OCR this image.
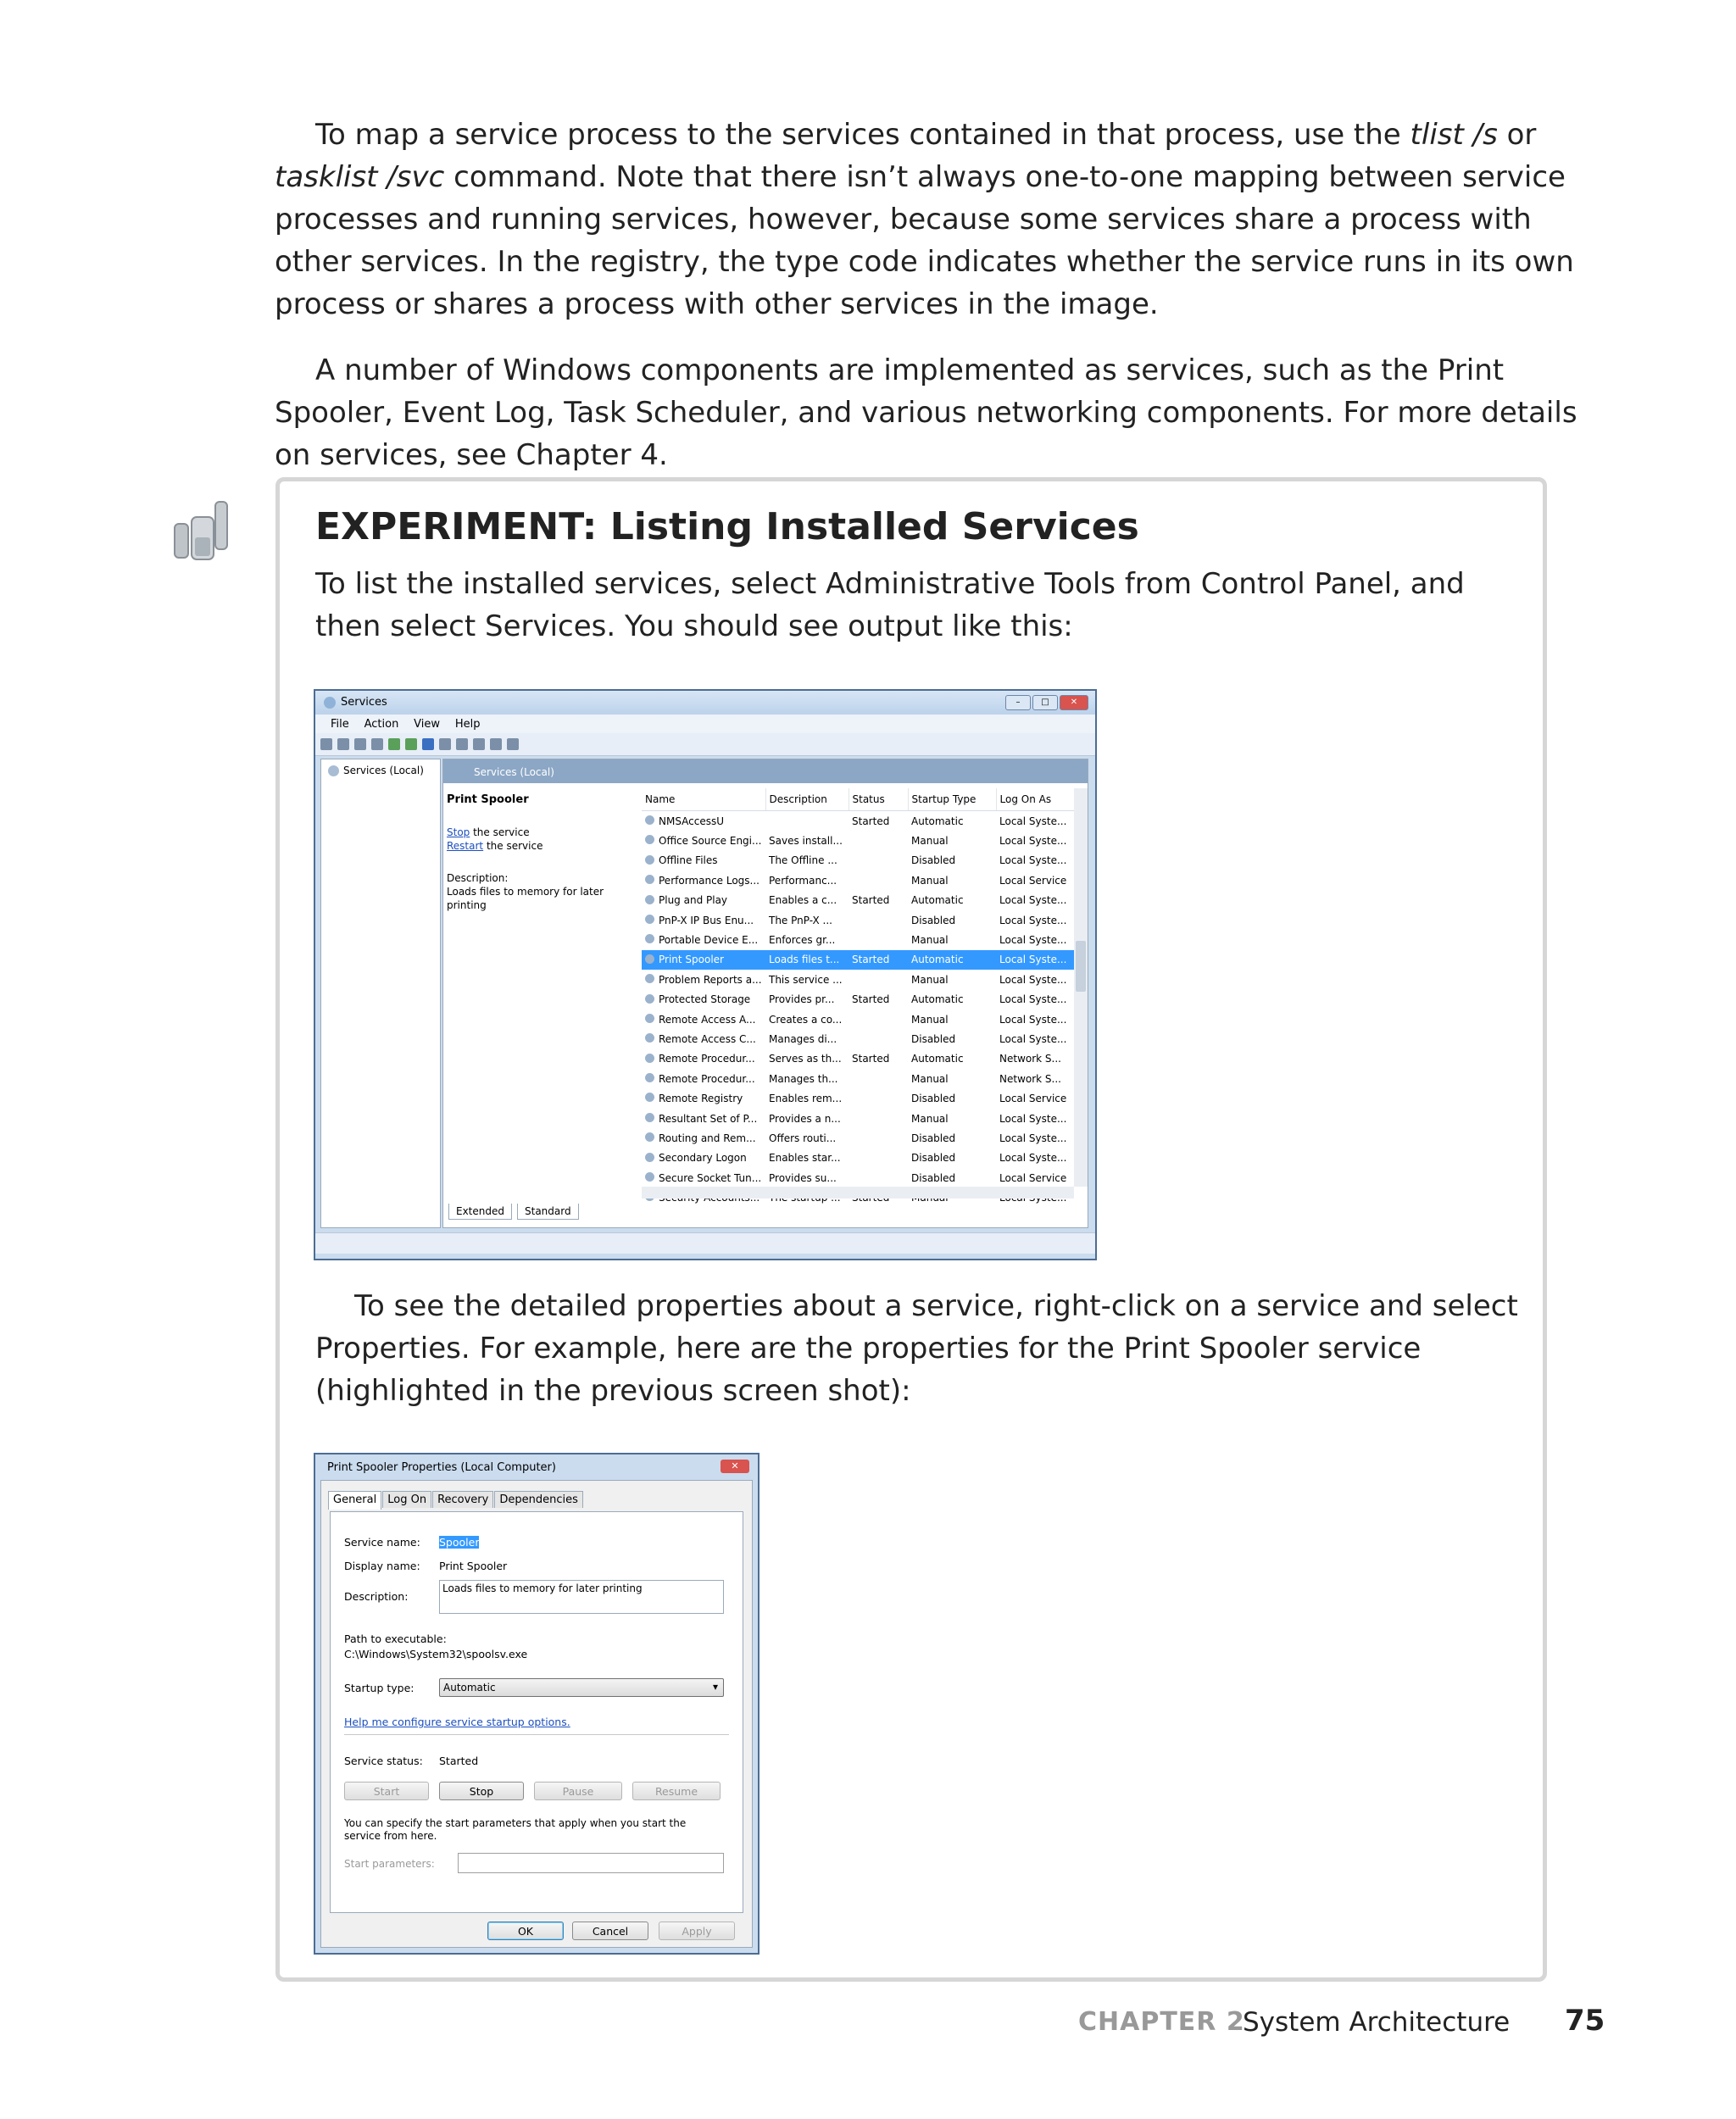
To map a service process to the services contained in that process, use the tlist /s or tasklist /svc command. Note that there isn’t always one-to-one mapping between service processes and running services, however, because some services share a process with other services. In the registry, the type code indicates whether the service runs in its own process or shares a process with other services in the image.

A number of Windows components are implemented as services, such as the Print Spooler, Event Log, Task Scheduler, and various networking components. For more details on services, see Chapter 4.

EXPERIMENT: Listing Installed Services
To list the installed services, select Administrative Tools from Control Panel, and then select Services. You should see output like this:
Services	–	□	✕
File Action View Help
Services (Local)	Services (Local)
Print Spooler
Stop the service
Restart the service
Description:
Loads files to memory for later printing
Name	Description	Status	Startup Type	Log On As
NMSAccessU		Started	Automatic	Local Syste...
Office Source Engi...	Saves install...		Manual	Local Syste...
Offline Files	The Offline ...		Disabled	Local Syste...
Performance Logs...	Performanc...		Manual	Local Service
Plug and Play	Enables a c...	Started	Automatic	Local Syste...
PnP-X IP Bus Enu...	The PnP-X ...		Disabled	Local Syste...
Portable Device E...	Enforces gr...		Manual	Local Syste...
Print Spooler	Loads files t...	Started	Automatic	Local Syste...
Problem Reports a...	This service ...		Manual	Local Syste...
Protected Storage	Provides pr...	Started	Automatic	Local Syste...
Remote Access A...	Creates a co...		Manual	Local Syste...
Remote Access C...	Manages di...		Disabled	Local Syste...
Remote Procedur...	Serves as th...	Started	Automatic	Network S...
Remote Procedur...	Manages th...		Manual	Network S...
Remote Registry	Enables rem...		Disabled	Local Service
Resultant Set of P...	Provides a n...		Manual	Local Syste...
Routing and Rem...	Offers routi...		Disabled	Local Syste...
Secondary Logon	Enables star...		Disabled	Local Syste...
Secure Socket Tun...	Provides su...		Disabled	Local Service

Extended Standard
To see the detailed properties about a service, right-click on a service and select Properties. For example, here are the properties for the Print Spooler service (highlighted in the previous screen shot):
Print Spooler Properties (Local Computer)	✕
General Log On Recovery Dependencies
Service name: Spooler
Display name: Print Spooler
Description:
Loads files to memory for later printing
Path to executable:
C:\Windows\System32\spoolsv.exe
Startup type:	Automatic ▾
Help me configure service startup options.
Service status: Started
Start	Stop	Pause	Resume
You can specify the start parameters that apply when you start the service from here.
Start parameters:
OK	Cancel	Apply
CHAPTER 2
System Architecture 75
